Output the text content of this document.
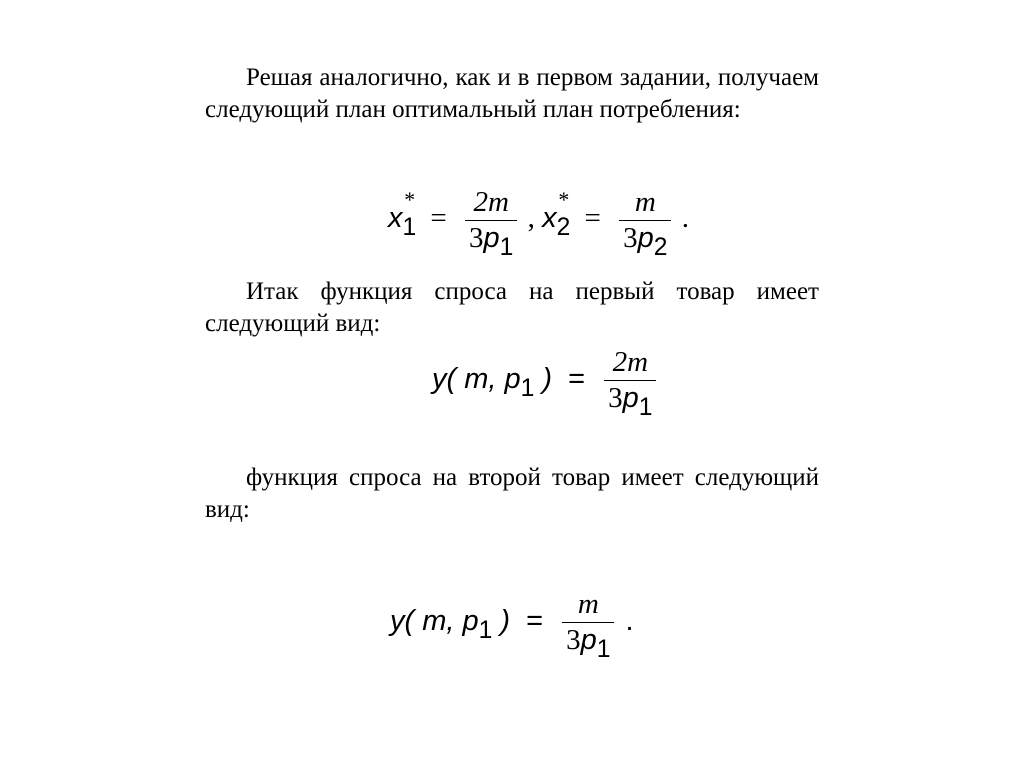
Решая аналогично, как и в первом задании, получаем следующий план оптимальный план потребления:

$x_1* = \frac{2m}{3p_1}$ , $x_2* = \frac{m}{3p_2}$ .

Итак функция спроса на первый товар имеет следующий вид:

y( m, $p_1$ ) = $\frac{2m}{3p_1}$

функция спроса на второй товар имеет следующий вид:

y( m, $p_1$ ) = $\frac{m}{3p_1}$ .
